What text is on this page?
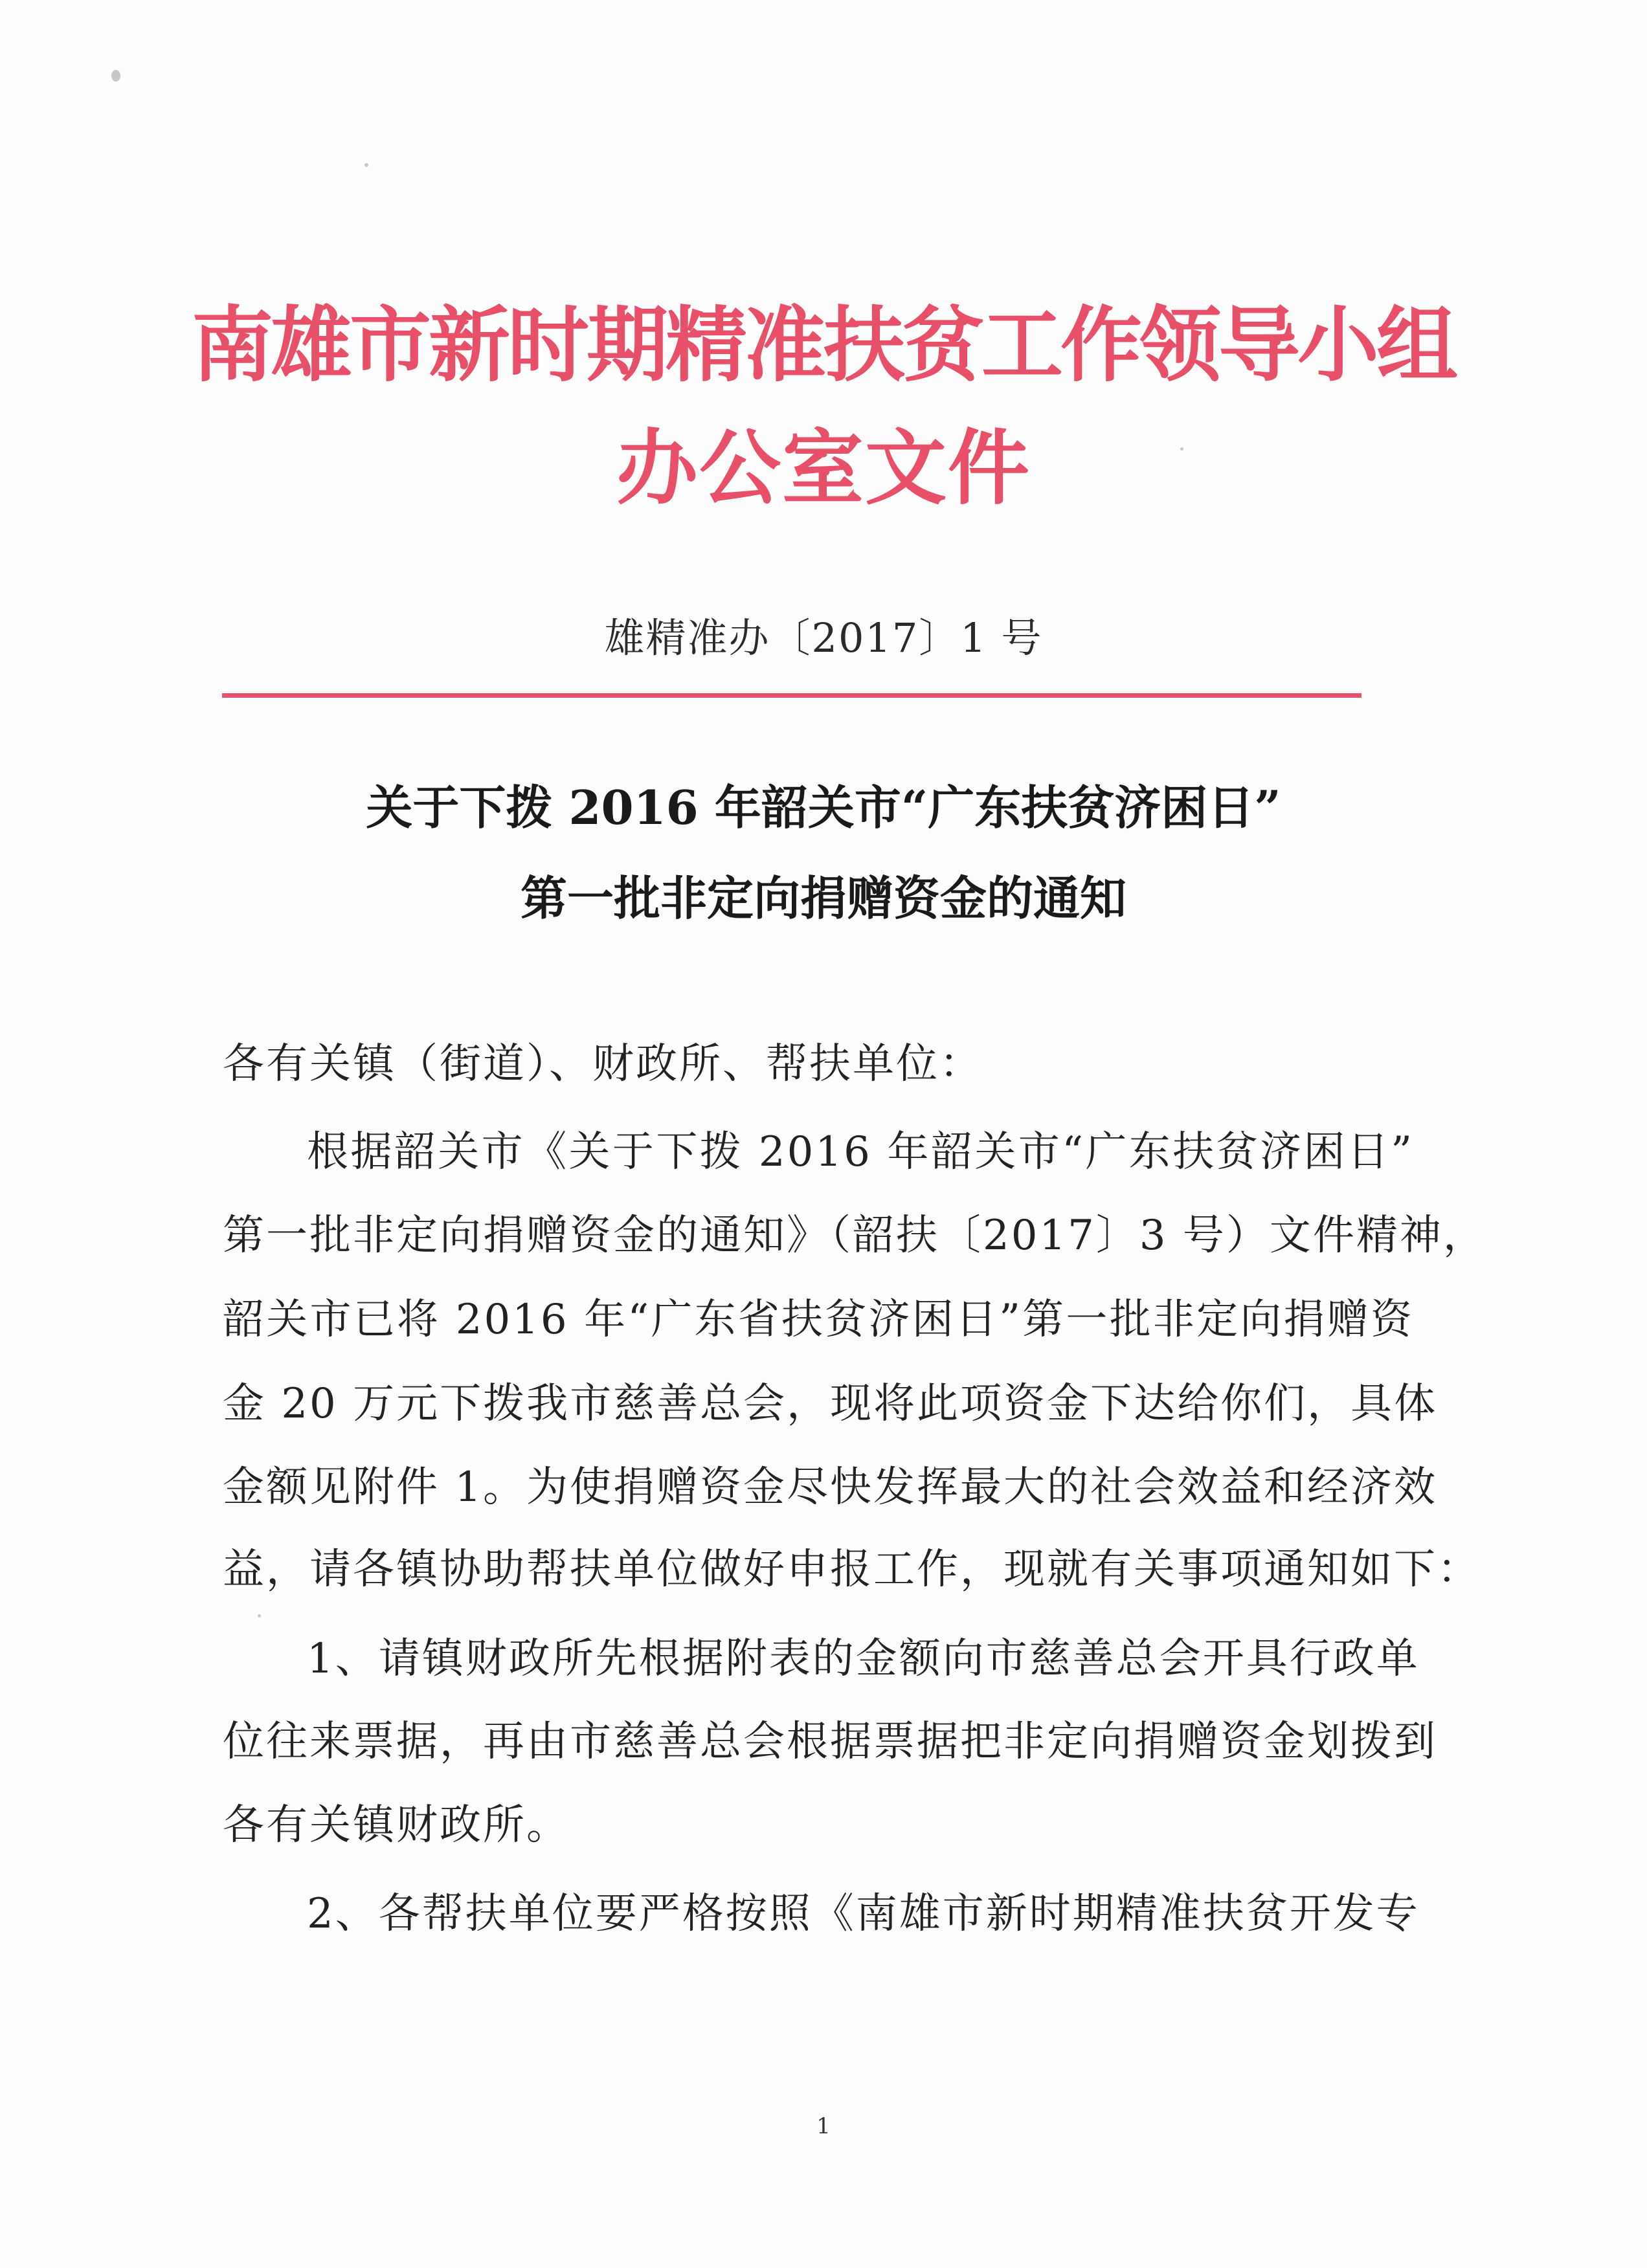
南雄市新时期精准扶贫工作领导小组
办公室文件
雄精准办〔2017〕1 号
关于下拨 2016 年韶关市“广东扶贫济困日”
第一批非定向捐赠资金的通知
各有关镇（街道）、财政所、帮扶单位：
根据韶关市《关于下拨 2016 年韶关市“广东扶贫济困日”
第一批非定向捐赠资金的通知》（韶扶〔2017〕3 号）文件精神，
韶关市已将 2016 年“广东省扶贫济困日”第一批非定向捐赠资
金 20 万元下拨我市慈善总会，现将此项资金下达给你们，具体
金额见附件 1。为使捐赠资金尽快发挥最大的社会效益和经济效
益，请各镇协助帮扶单位做好申报工作，现就有关事项通知如下：
1、请镇财政所先根据附表的金额向市慈善总会开具行政单
位往来票据，再由市慈善总会根据票据把非定向捐赠资金划拨到
各有关镇财政所。
2、各帮扶单位要严格按照《南雄市新时期精准扶贫开发专
1
